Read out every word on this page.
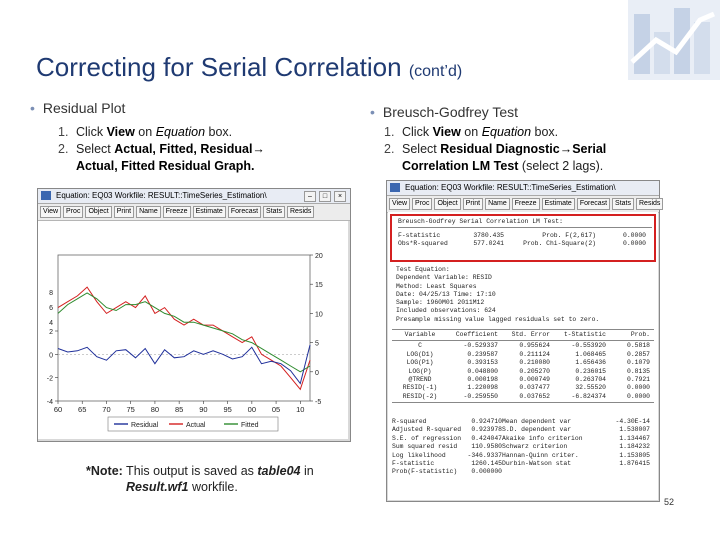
Correcting for Serial Correlation (cont’d)
• Residual Plot
1. Click View on Equation box.
2. Select Actual, Fitted, Residual→
Actual, Fitted Residual Graph.
• Breusch-Godfrey Test
1. Click View on Equation box.
2. Select Residual Diagnostic→Serial
Correlation LM Test (select 2 lags).
Equation: EQ03 Workfile: RESULT::TimeSeries_Estimation\	–	□	×
View	Proc	Object	Print	Name	Freeze	Estimate	Forecast	Stats	Resids
20
15
10
5
0
-5
2
0
-2
-4
8
6
4
60 65 70 75 80 85 90 95 00 05 10
Residual	Actual	Fitted
*Note: This output is saved as table04 in
Result.wf1 workfile.
Equation: EQ03 Workfile: RESULT::TimeSeries_Estimation\
View	Proc	Object	Print	Name	Freeze	Estimate	Forecast	Stats	Resids
Breusch-Godfrey Serial Correlation LM Test:
F-statistic	3780.435	Prob. F(2,617)	0.0000
Obs*R-squared	577.0241	Prob. Chi-Square(2)	0.0000
Test Equation:
Dependent Variable: RESID
Method: Least Squares
Date: 04/25/13 Time: 17:10
Sample: 1960M01 2011M12
Included observations: 624
Presample missing value lagged residuals set to zero.
Variable	Coefficient	Std. Error	t-Statistic	Prob.
C	-0.529337	0.955624	-0.553920	0.5818
LOG(D1)	0.239587	0.211124	1.068465	0.2857
LOG(P1)	0.393153	0.210080	1.656436	0.1079
LOG(P)	0.048800	0.205270	0.236015	0.8135
@TREND	0.000198	0.000749	0.263704	0.7921
RESID(-1)	1.220098	0.037477	32.55520	0.0000
RESID(-2)	-0.259550	0.037652	-6.824374	0.0000
R-squared	0.924710 Mean dependent var	-4.30E-14
Adjusted R-squared	0.923978 S.D. dependent var	1.538007
S.E. of regression	0.424047 Akaike info criterion	1.134467
Sum squared resid	110.9580 Schwarz criterion	1.184232
Log likelihood	-346.9337 Hannan-Quinn criter.	1.153805
F-statistic	1260.145 Durbin-Watson stat	1.876415
Prob(F-statistic)	0.000000
52
